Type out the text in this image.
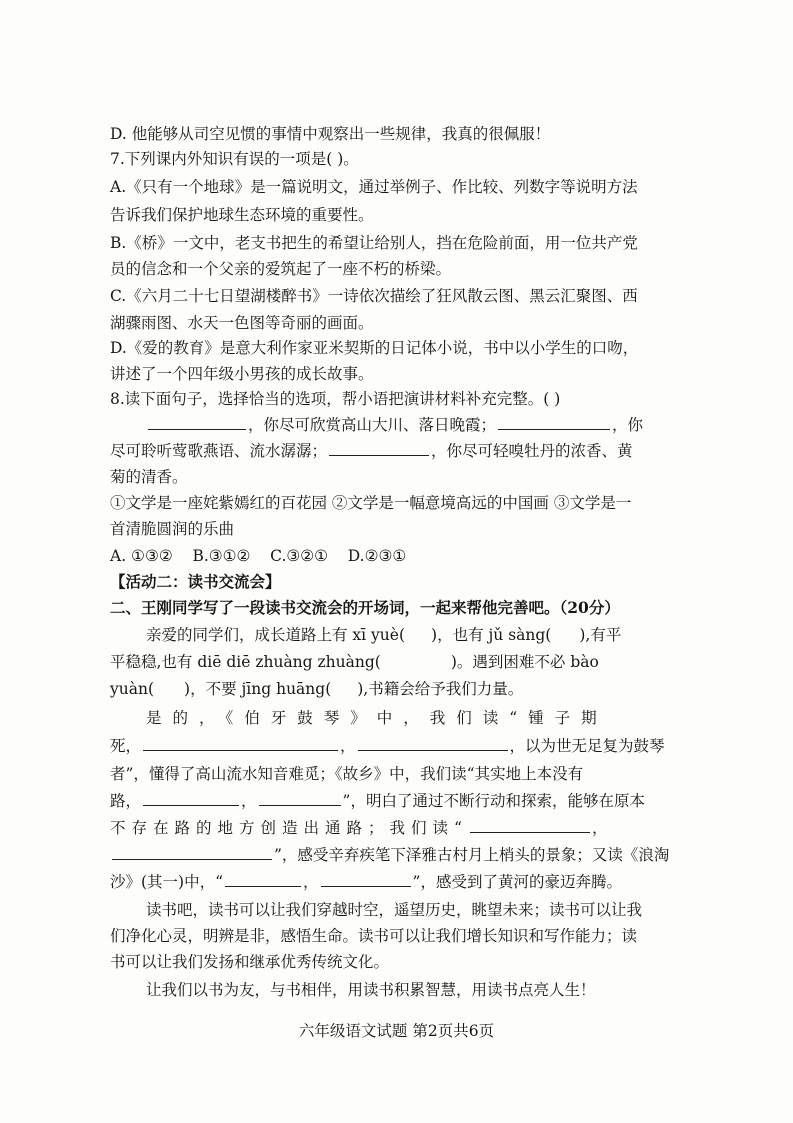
D. 他能够从司空见惯的事情中观察出一些规律，我真的很佩服！
7.下列课内外知识有误的一项是( )。
A.《只有一个地球》是一篇说明文，通过举例子、作比较、列数字等说明方法
告诉我们保护地球生态环境的重要性。
B.《桥》一文中，老支书把生的希望让给别人，挡在危险前面，用一位共产党
员的信念和一个父亲的爱筑起了一座不朽的桥梁。
C.《六月二十七日望湖楼醉书》一诗依次描绘了狂风散云图、黑云汇聚图、西
湖骤雨图、水天一色图等奇丽的画面。
D.《爱的教育》是意大利作家亚米契斯的日记体小说，书中以小学生的口吻，
讲述了一个四年级小男孩的成长故事。
8.读下面句子，选择恰当的选项，帮小语把演讲材料补充完整。( )
，你尽可欣赏高山大川、落日晚霞；	，你
尽可聆听莺歌燕语、流水潺潺；	，你尽可轻嗅牡丹的浓香、黄
菊的清香。
①文学是一座姹紫嫣红的百花园 ②文学是一幅意境高远的中国画 ③文学是一
首清脆圆润的乐曲
A. ①③②    B.③①②    C.③②①    D.②③①
【活动二：读书交流会】
二、王刚同学写了一段读书交流会的开场词，一起来帮他完善吧。（20分）
亲爱的同学们，成长道路上有 xī yuè( )，也有 jǔ sàng( ),有平
平稳稳,也有 diē diē zhuàng zhuàng(	)。遇到困难不必 bào
yuàn( )，不要 jīng huāng( ),书籍会给予我们力量。
是的，《伯牙鼓琴》中，我们读“锺子期
死，	，	，以为世无足复为鼓琴
者”，懂得了高山流水知音难觅；《故乡》中，我们读“其实地上本没有
路，	，	”，明白了通过不断行动和探索，能够在原本
不存在路的地方创造出通路；我们读“	，
”，感受辛弃疾笔下泽雅古村月上梢头的景象；又读《浪淘
沙》(其一)中，“	，	”，感受到了黄河的豪迈奔腾。
读书吧，读书可以让我们穿越时空，遥望历史，眺望未来；读书可以让我
们净化心灵，明辨是非，感悟生命。读书可以让我们增长知识和写作能力；读
书可以让我们发扬和继承优秀传统文化。
让我们以书为友，与书相伴，用读书积累智慧，用读书点亮人生！
六年级语文试题 第2页共6页
